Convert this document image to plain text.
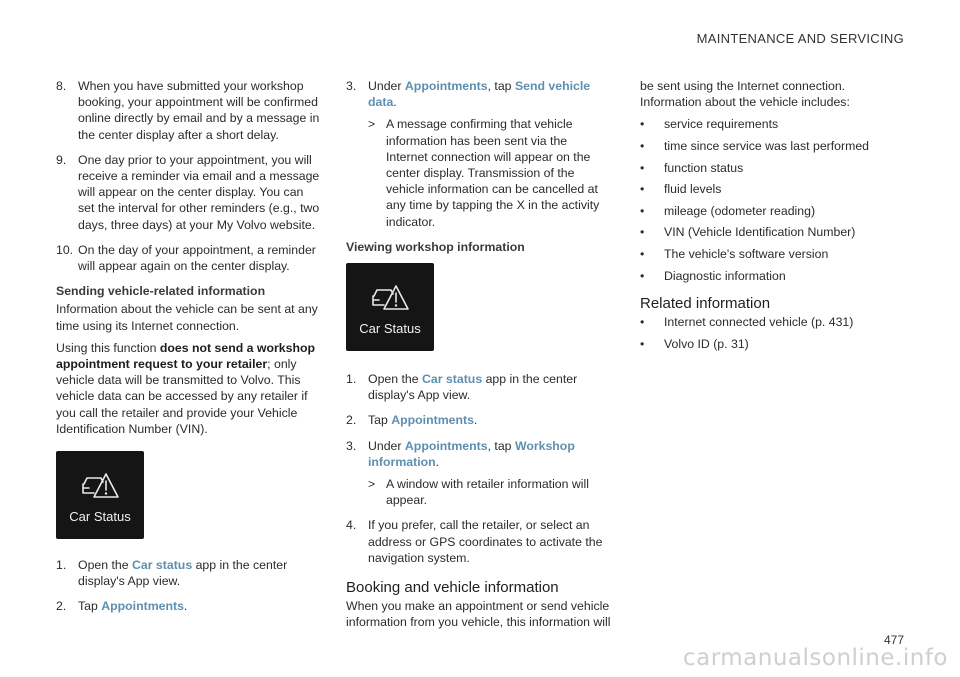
MAINTENANCE AND SERVICING
8. When you have submitted your workshop booking, your appointment will be confirmed online directly by email and by a message in the center display after a short delay.
9. One day prior to your appointment, you will receive a reminder via email and a message will appear on the center display. You can set the interval for other reminders (e.g., two days, three days) at your My Volvo website.
10. On the day of your appointment, a reminder will appear again on the center display.
Sending vehicle-related information

Information about the vehicle can be sent at any time using its Internet connection.

Using this function does not send a workshop appointment request to your retailer; only vehicle data will be transmitted to Volvo. This vehicle data can be accessed by any retailer if you call the retailer and provide your Vehicle Identification Number (VIN).

Car Status
1. Open the Car status app in the center display's App view.
2. Tap Appointments.
3. Under Appointments, tap Send vehicle data.
> A message confirming that vehicle information has been sent via the Internet connection will appear on the center display. Transmission of the vehicle information can be cancelled at any time by tapping the X in the activity indicator.
Viewing workshop information
Car Status
1. Open the Car status app in the center display's App view.
2. Tap Appointments.
3. Under Appointments, tap Workshop information.
> A window with retailer information will appear.
4. If you prefer, call the retailer, or select an address or GPS coordinates to activate the navigation system.
Booking and vehicle information

When you make an appointment or send vehicle information from you vehicle, this information will

be sent using the Internet connection. Information about the vehicle includes:

•	service requirements
•	time since service was last performed
•	function status
•	fluid levels
•	mileage (odometer reading)
•	VIN (Vehicle Identification Number)
•	The vehicle's software version
•	Diagnostic information
Related information
•	Internet connected vehicle (p. 431)
•	Volvo ID (p. 31)
477
carmanualsonline.info
